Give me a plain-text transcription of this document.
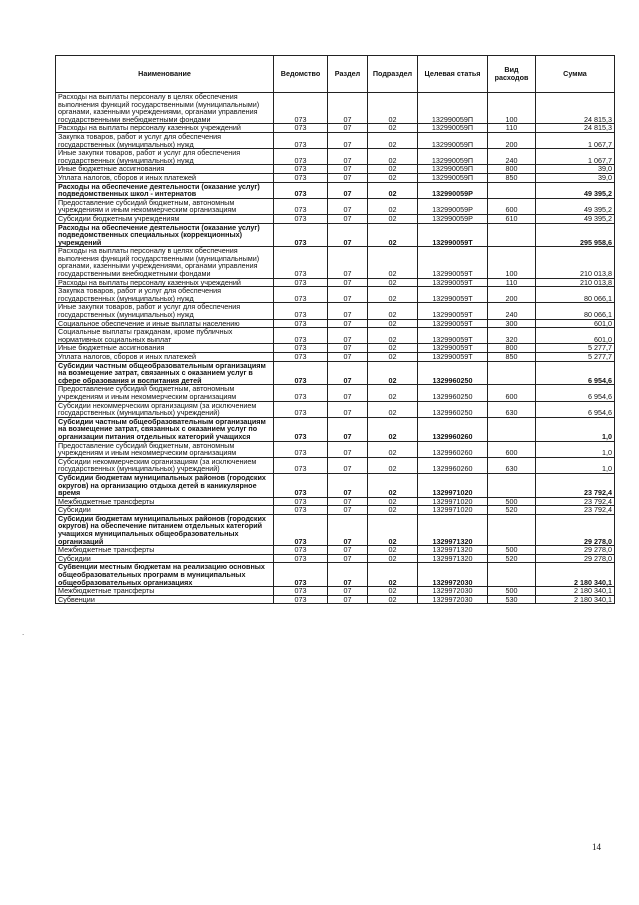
Наименование	Ведомство	Раздел	Подраздел	Целевая статья	Вид расходов	Сумма
Расходы на выплаты персоналу в целях обеспечения выполнения функций государственными (муниципальными) органами, казенными учреждениями, органами управления государственными внебюджетными фондами	073	07	02	132990059П	100	24 815,3
Расходы на выплаты персоналу казенных учреждений	073	07	02	132990059П	110	24 815,3
Закупка товаров, работ и услуг для обеспечения государственных (муниципальных) нужд	073	07	02	132990059П	200	1 067,7
Иные закупки товаров, работ и услуг для обеспечения государственных (муниципальных) нужд	073	07	02	132990059П	240	1 067,7
Иные бюджетные ассигнования	073	07	02	132990059П	800	39,0
Уплата налогов, сборов и иных платежей	073	07	02	132990059П	850	39,0
Расходы на обеспечение деятельности (оказание услуг) подведомственных школ - интернатов	073	07	02	132990059Р		49 395,2
Предоставление субсидий бюджетным, автономным учреждениям и иным некоммерческим организациям	073	07	02	132990059Р	600	49 395,2
Субсидии бюджетным учреждениям	073	07	02	132990059Р	610	49 395,2
Расходы на обеспечение деятельности (оказание услуг) подведомственных специальных (коррекционных) учреждений	073	07	02	132990059Т		295 958,6
Расходы на выплаты персоналу в целях обеспечения выполнения функций государственными (муниципальными) органами, казенными учреждениями, органами управления государственными внебюджетными фондами	073	07	02	132990059Т	100	210 013,8
Расходы на выплаты персоналу казенных учреждений	073	07	02	132990059Т	110	210 013,8
Закупка товаров, работ и услуг для обеспечения государственных (муниципальных) нужд	073	07	02	132990059Т	200	80 066,1
Иные закупки товаров, работ и услуг для обеспечения государственных (муниципальных) нужд	073	07	02	132990059Т	240	80 066,1
Социальное обеспечение и иные выплаты населению	073	07	02	132990059Т	300	601,0
Социальные выплаты гражданам, кроме публичных нормативных социальных выплат	073	07	02	132990059Т	320	601,0
Иные бюджетные ассигнования	073	07	02	132990059Т	800	5 277,7
Уплата налогов, сборов и иных платежей	073	07	02	132990059Т	850	5 277,7
Субсидии частным общеобразовательным организациям на возмещение затрат, связанных с оказанием услуг в сфере образования и воспитания детей	073	07	02	1329960250		6 954,6
Предоставление субсидий бюджетным, автономным учреждениям и иным некоммерческим организациям	073	07	02	1329960250	600	6 954,6
Субсидии некоммерческим организациям (за исключением государственных (муниципальных) учреждений)	073	07	02	1329960250	630	6 954,6
Субсидии частным общеобразовательным организациям на возмещение затрат, связанных с оказанием услуг по организации питания отдельных категорий учащихся	073	07	02	1329960260		1,0
Предоставление субсидий бюджетным, автономным учреждениям и иным некоммерческим организациям	073	07	02	1329960260	600	1,0
Субсидии некоммерческим организациям (за исключением государственных (муниципальных) учреждений)	073	07	02	1329960260	630	1,0
Субсидии бюджетам муниципальных районов (городских округов) на организацию отдыха детей в каникулярное время	073	07	02	1329971020		23 792,4
Межбюджетные трансферты	073	07	02	1329971020	500	23 792,4
Субсидии	073	07	02	1329971020	520	23 792,4
Субсидии бюджетам муниципальных районов (городских округов) на обеспечение питанием отдельных категорий учащихся муниципальных общеобразовательных организаций	073	07	02	1329971320		29 278,0
Межбюджетные трансферты	073	07	02	1329971320	500	29 278,0
Субсидии	073	07	02	1329971320	520	29 278,0
Субвенции местным бюджетам на реализацию основных общеобразовательных программ в муниципальных общеобразовательных организациях	073	07	02	1329972030		2 180 340,1
Межбюджетные трансферты	073	07	02	1329972030	500	2 180 340,1
Субвенции	073	07	02	1329972030	530	2 180 340,1
.
14
